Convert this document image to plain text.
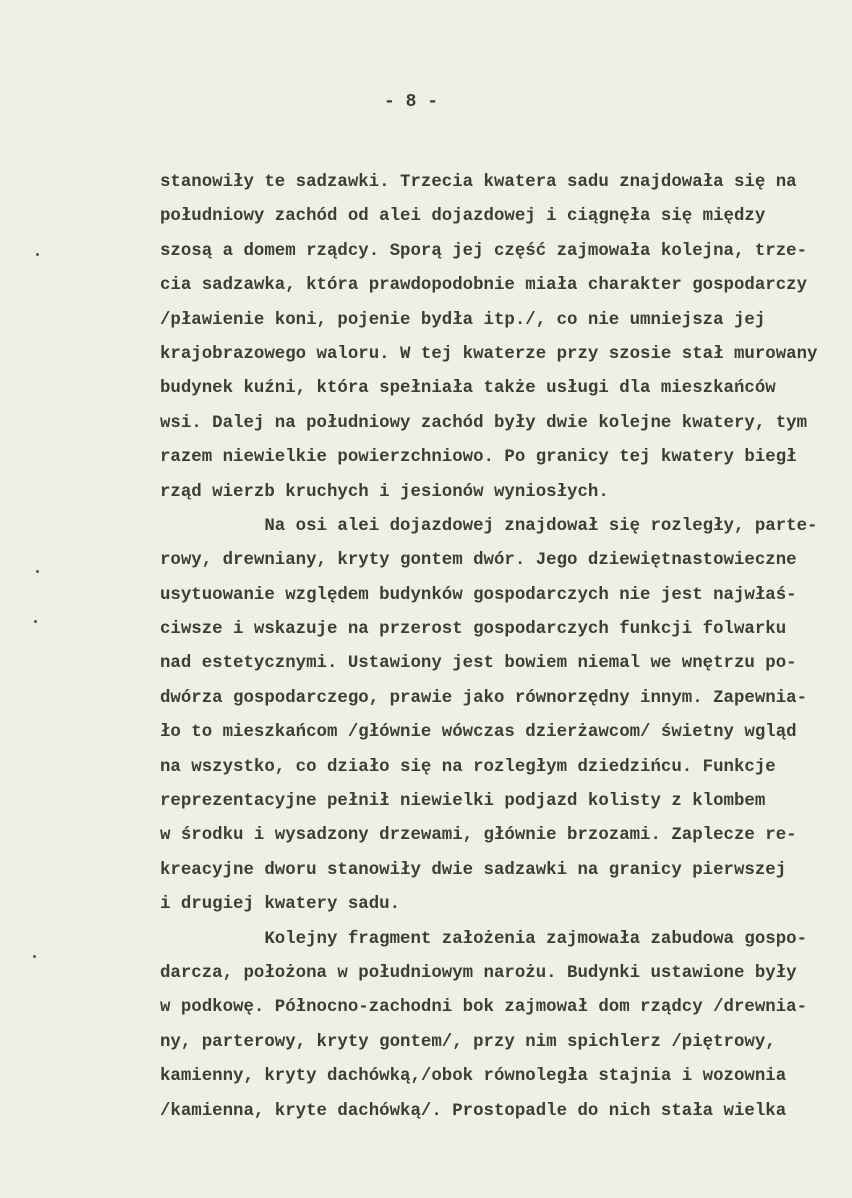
- 8 -
stanowiły te sadzawki. Trzecia kwatera sadu znajdowała się na
południowy zachód od alei dojazdowej i ciągnęła się między
szosą a domem rządcy. Sporą jej część zajmowała kolejna, trze-
cia sadzawka, która prawdopodobnie miała charakter gospodarczy
/pławienie koni, pojenie bydła itp./, co nie umniejsza jej
krajobrazowego waloru. W tej kwaterze przy szosie stał murowany
budynek kuźni, która spełniała także usługi dla mieszkańców
wsi. Dalej na południowy zachód były dwie kolejne kwatery, tym
razem niewielkie powierzchniowo. Po granicy tej kwatery biegł
rząd wierzb kruchych i jesionów wyniosłych.
Na osi alei dojazdowej znajdował się rozległy, parte-
rowy, drewniany, kryty gontem dwór. Jego dziewiętnastowieczne
usytuowanie względem budynków gospodarczych nie jest najwłaś-
ciwsze i wskazuje na przerost gospodarczych funkcji folwarku
nad estetycznymi. Ustawiony jest bowiem niemal we wnętrzu po-
dwórza gospodarczego, prawie jako równorzędny innym. Zapewnia-
ło to mieszkańcom /głównie wówczas dzierżawcom/ świetny wgląd
na wszystko, co działo się na rozległym dziedzińcu. Funkcje
reprezentacyjne pełnił niewielki podjazd kolisty z klombem
w środku i wysadzony drzewami, głównie brzozami. Zaplecze re-
kreacyjne dworu stanowiły dwie sadzawki na granicy pierwszej
i drugiej kwatery sadu.
Kolejny fragment założenia zajmowała zabudowa gospo-
darcza, położona w południowym narożu. Budynki ustawione były
w podkowę. Północno-zachodni bok zajmował dom rządcy /drewnia-
ny, parterowy, kryty gontem/, przy nim spichlerz /piętrowy,
kamienny, kryty dachówką,/obok równoległa stajnia i wozownia
/kamienna, kryte dachówką/. Prostopadle do nich stała wielka
